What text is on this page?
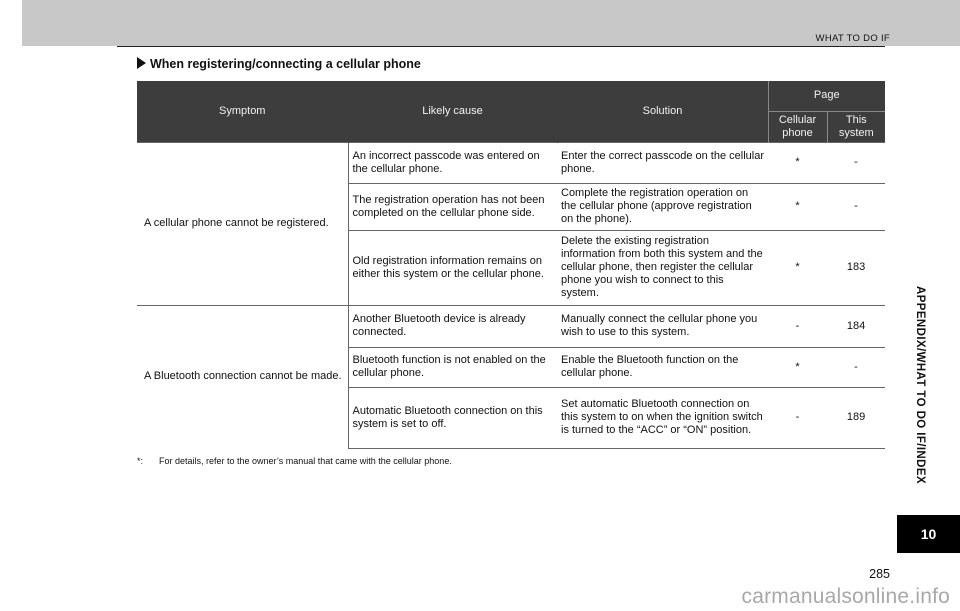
WHAT TO DO IF
When registering/connecting a cellular phone
Symptom	Likely cause	Solution	Page	
			Cellular phone	This system
A cellular phone cannot be registered.	An incorrect passcode was entered on the cellular phone.	Enter the correct passcode on the cellular phone.	*	-
	The registration operation has not been completed on the cellular phone side.	Complete the registration operation on the cellular phone (approve registration on the phone).	*	-
	Old registration information remains on either this system or the cellular phone.	Delete the existing registration information from both this system and the cellular phone, then register the cellular phone you wish to connect to this system.	*	183
A Bluetooth connection cannot be made.	Another Bluetooth device is already connected.	Manually connect the cellular phone you wish to use to this system.	-	184
	Bluetooth function is not enabled on the cellular phone.	Enable the Bluetooth function on the cellular phone.	*	-
	Automatic Bluetooth connection on this system is set to off.	Set automatic Bluetooth connection on this system to on when the ignition switch is turned to the “ACC” or “ON” position.	-	189
*: For details, refer to the owner’s manual that came with the cellular phone.
285
APPENDIX/WHAT TO DO IF/INDEX
10
carmanualsonline.info
